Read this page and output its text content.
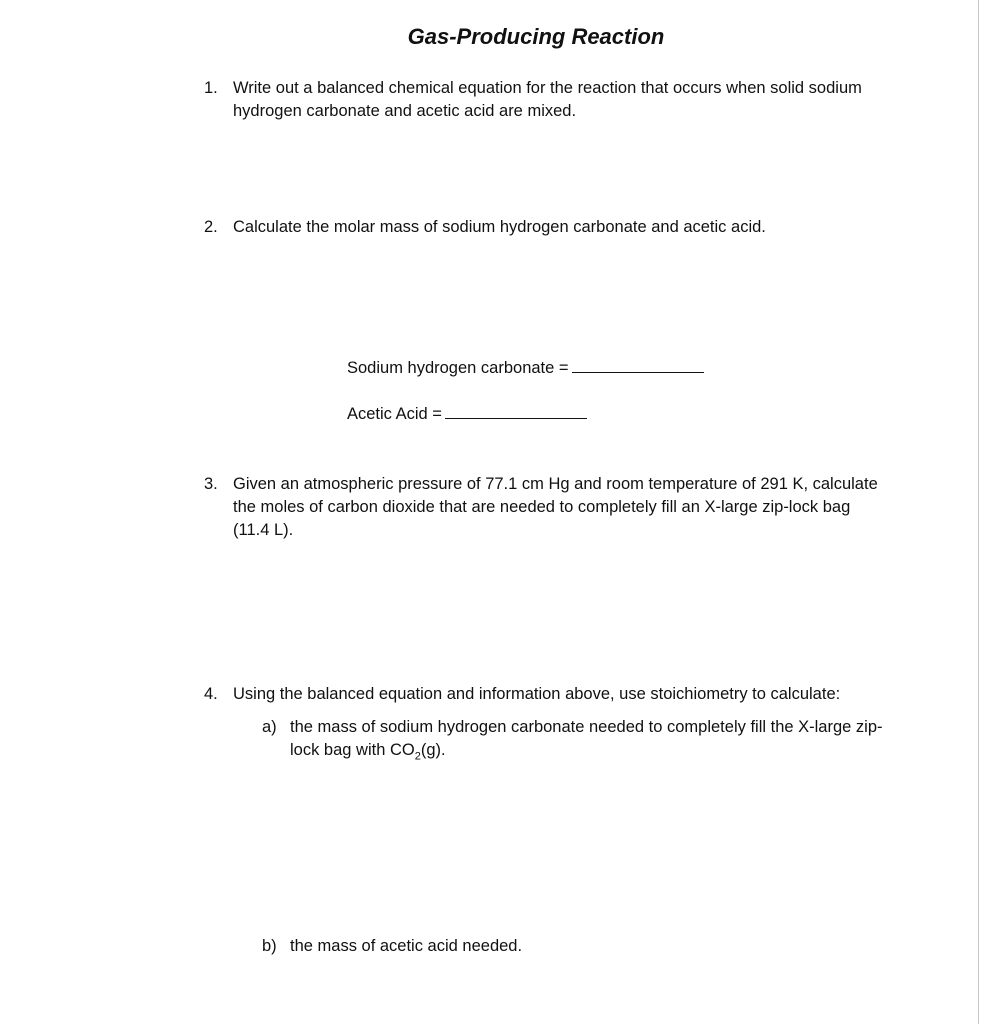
Gas-Producing Reaction
1. Write out a balanced chemical equation for the reaction that occurs when solid sodium hydrogen carbonate and acetic acid are mixed.
2. Calculate the molar mass of sodium hydrogen carbonate and acetic acid.
Sodium hydrogen carbonate =
Acetic Acid =
3. Given an atmospheric pressure of 77.1 cm Hg and room temperature of 291 K, calculate the moles of carbon dioxide that are needed to completely fill an X-large zip-lock bag (11.4 L).
4. Using the balanced equation and information above, use stoichiometry to calculate:
a) the mass of sodium hydrogen carbonate needed to completely fill the X-large zip-lock bag with $CO_2(g)$.
b) the mass of acetic acid needed.
